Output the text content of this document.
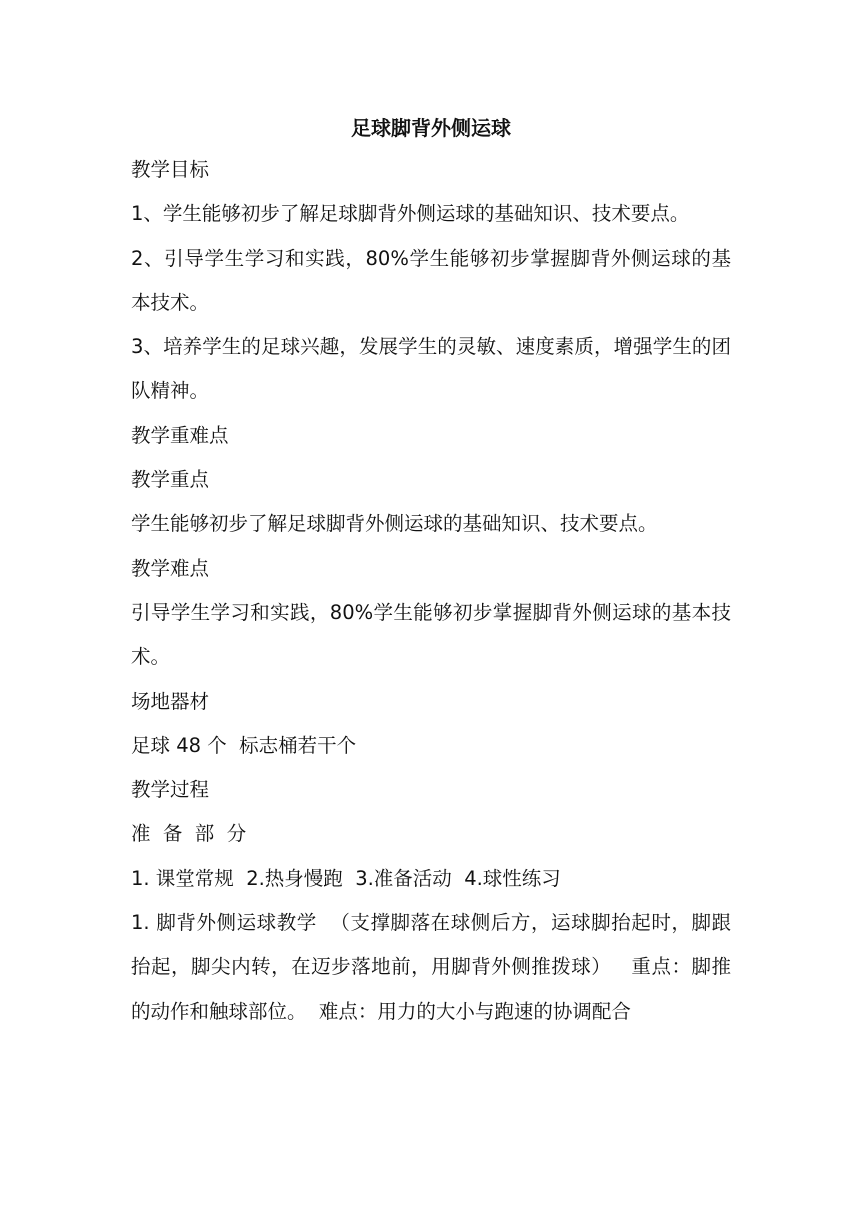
足球脚背外侧运球

教学目标

1、学生能够初步了解足球脚背外侧运球的基础知识、技术要点。

2、引导学生学习和实践，80%学生能够初步掌握脚背外侧运球的基本技术。

3、培养学生的足球兴趣，发展学生的灵敏、速度素质，增强学生的团队精神。

教学重难点

教学重点

学生能够初步了解足球脚背外侧运球的基础知识、技术要点。

教学难点

引导学生学习和实践，80%学生能够初步掌握脚背外侧运球的基本技术。

场地器材

足球 48 个  标志桶若干个

教学过程

准  备  部  分

1. 课堂常规  2.热身慢跑  3.准备活动  4.球性练习

1. 脚背外侧运球教学  （支撑脚落在球侧后方，运球脚抬起时，脚跟抬起，脚尖内转，在迈步落地前，用脚背外侧推拨球）   重点：脚推的动作和触球部位。  难点：用力的大小与跑速的协调配合
